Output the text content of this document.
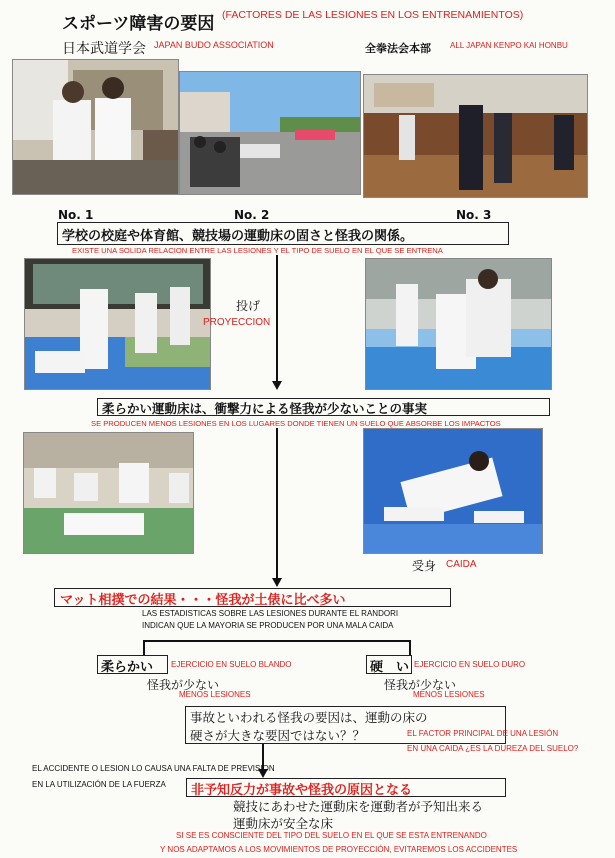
スポーツ障害の要因 (FACTORES DE LAS LESIONES EN LOS ENTRENAMIENTOS)
日本武道学会 JAPAN BUDO ASSOCIATION	全拳法会本部 ALL JAPAN KENPO KAI HONBU
No. 1	No. 2	No. 3
学校の校庭や体育館、競技場の運動床の固さと怪我の関係。
EXISTE UNA SOLIDA RELACION ENTRE LAS LESIONES Y EL TIPO DE SUELO EN EL QUE SE ENTRENA
投げ
PROYECCION
柔らかい運動床は、衝撃力による怪我が少ないことの事実
SE PRODUCEN MENOS LESIONES EN LOS LUGARES DONDE TIENEN UN SUELO QUE ABSORBE LOS IMPACTOS
受身 CAIDA
マット相撲での結果・・・怪我が土俵に比べ多い
LAS ESTADISTICAS SOBRE LAS LESIONES DURANTE EL RANDORI
INDICAN QUE LA MAYORIA SE PRODUCEN POR UNA MALA CAIDA
柔らかい EJERCICIO EN SUELO BLANDO
怪我が少ない
MENOS LESIONES
硬　い EJERCICIO EN SUELO DURO
怪我が少ない
MENOS LESIONES
事故といわれる怪我の要因は、運動の床の
硬さが大きな要因ではない？？	EL FACTOR PRINCIPAL DE UNA LESIÓN
EN UNA CAIDA ¿ES LA DUREZA DEL SUELO?
EL ACCIDENTE O LESION LO CAUSA UNA FALTA DE PREVISION
EN LA UTILIZACIÓN DE LA FUERZA 非予知反力が事故や怪我の原因となる
競技にあわせた運動床を運動者が予知出来る
運動床が安全な床
SI SE ES CONSCIENTE DEL TIPO DEL SUELO EN EL QUE SE ESTA ENTRENANDO
Y NOS ADAPTAMOS A LOS MOVIMIENTOS DE PROYECCIÓN, EVITAREMOS LOS ACCIDENTES
